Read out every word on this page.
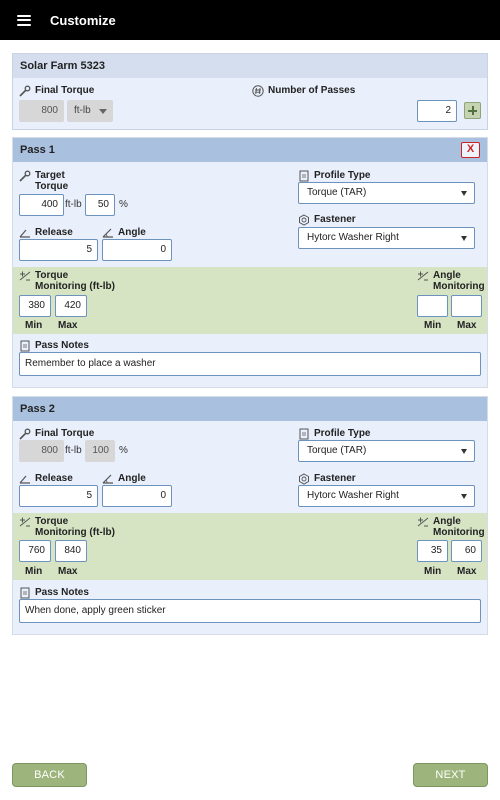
Customize
Solar Farm 5323
Final Torque
800	ft-lb
Number of Passes
2
Pass 1	X
Target Torque
400 ft-lb	50	%
Profile Type
Torque (TAR)
Release
5
Angle
0
Fastener
Hytorc Washer Right
Torque
Monitoring (ft-lb)
380	420
Min Max
Angle
Monitoring
Min Max
Pass Notes
Remember to place a washer
Pass 2
Final Torque
800 ft-lb	100	%
Profile Type
Torque (TAR)
Release
5
Angle
0
Fastener
Hytorc Washer Right
Torque
Monitoring (ft-lb)
760	840
Min Max
Angle
Monitoring
35	60
Min Max
Pass Notes
When done, apply green sticker
BACK	NEXT
